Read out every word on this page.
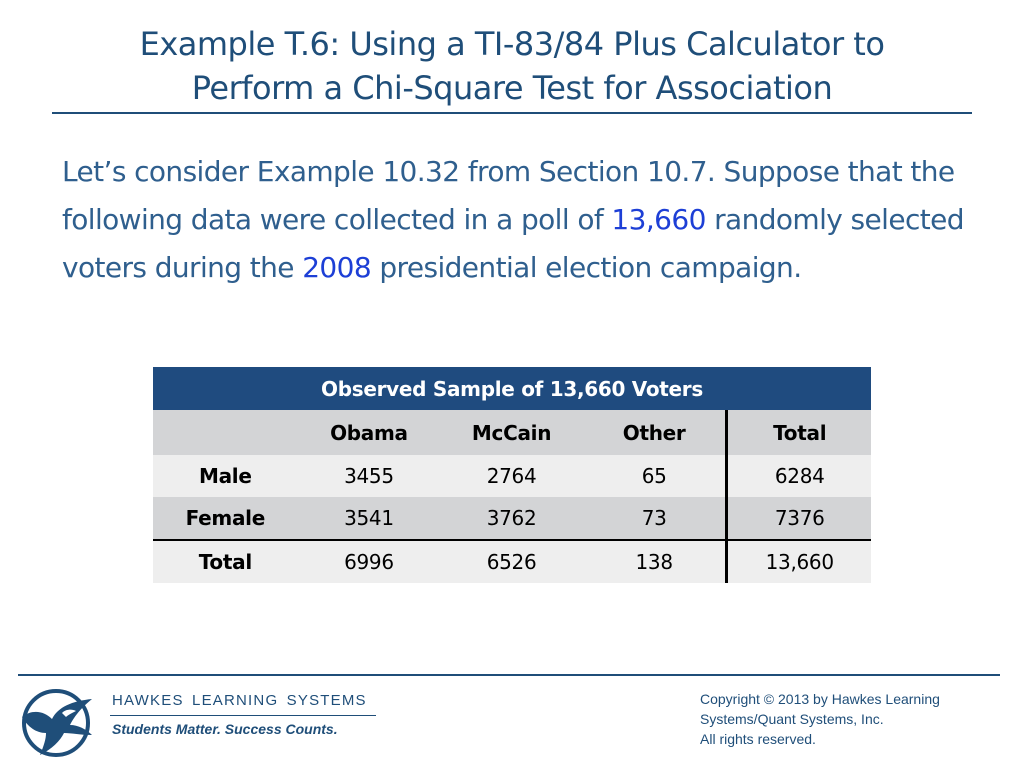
Example T.6: Using a TI-83/84 Plus Calculator to
Perform a Chi-Square Test for Association
Let’s consider Example 10.32 from Section 10.7. Suppose that the following data were collected in a poll of 13,660 randomly selected voters during the 2008 presidential election campaign.
Observed Sample of 13,660 Voters				
	Obama	McCain	Other	Total
Male	3455	2764	65	6284
Female	3541	3762	73	7376
Total	6996	6526	138	13,660
HAWKES LEARNING SYSTEMS
Students Matter. Success Counts.
Copyright © 2013 by Hawkes Learning
Systems/Quant Systems, Inc.
All rights reserved.
